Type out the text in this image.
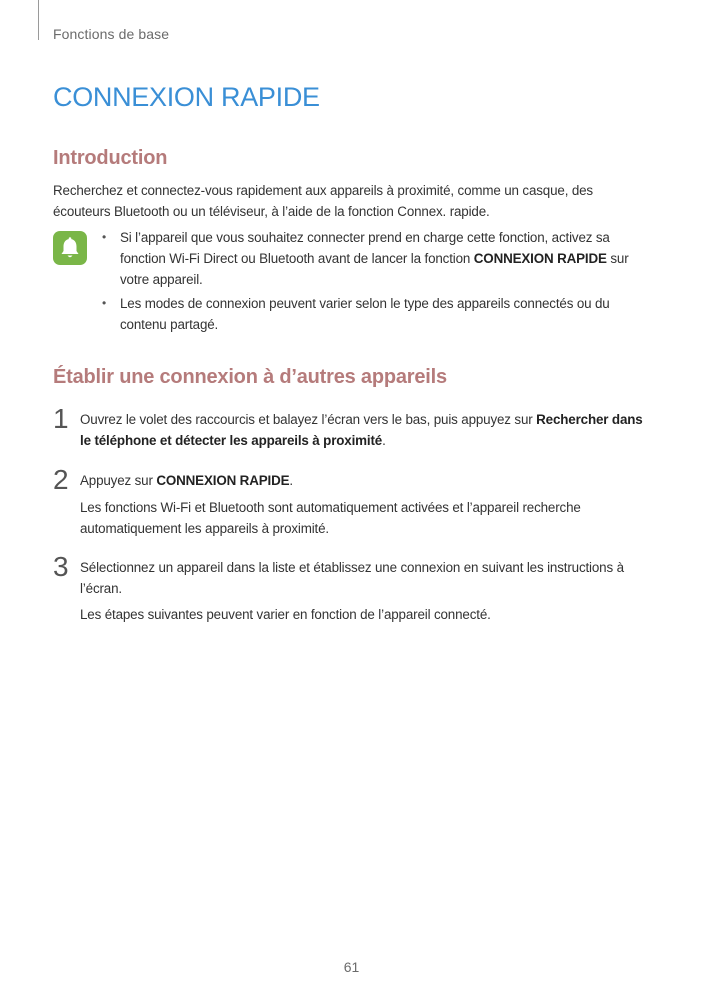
Fonctions de base
CONNEXION RAPIDE
Introduction

Recherchez et connectez-vous rapidement aux appareils à proximité, comme un casque, des écouteurs Bluetooth ou un téléviseur, à l’aide de la fonction Connex. rapide.

• Si l’appareil que vous souhaitez connecter prend en charge cette fonction, activez sa fonction Wi-Fi Direct ou Bluetooth avant de lancer la fonction CONNEXION RAPIDE sur votre appareil.
• Les modes de connexion peuvent varier selon le type des appareils connectés ou du contenu partagé.
Établir une connexion à d’autres appareils
1 Ouvrez le volet des raccourcis et balayez l’écran vers le bas, puis appuyez sur Rechercher dans le téléphone et détecter les appareils à proximité.

2 Appuyez sur CONNEXION RAPIDE.

Les fonctions Wi-Fi et Bluetooth sont automatiquement activées et l’appareil recherche automatiquement les appareils à proximité.

3 Sélectionnez un appareil dans la liste et établissez une connexion en suivant les instructions à l’écran.

Les étapes suivantes peuvent varier en fonction de l’appareil connecté.

61
